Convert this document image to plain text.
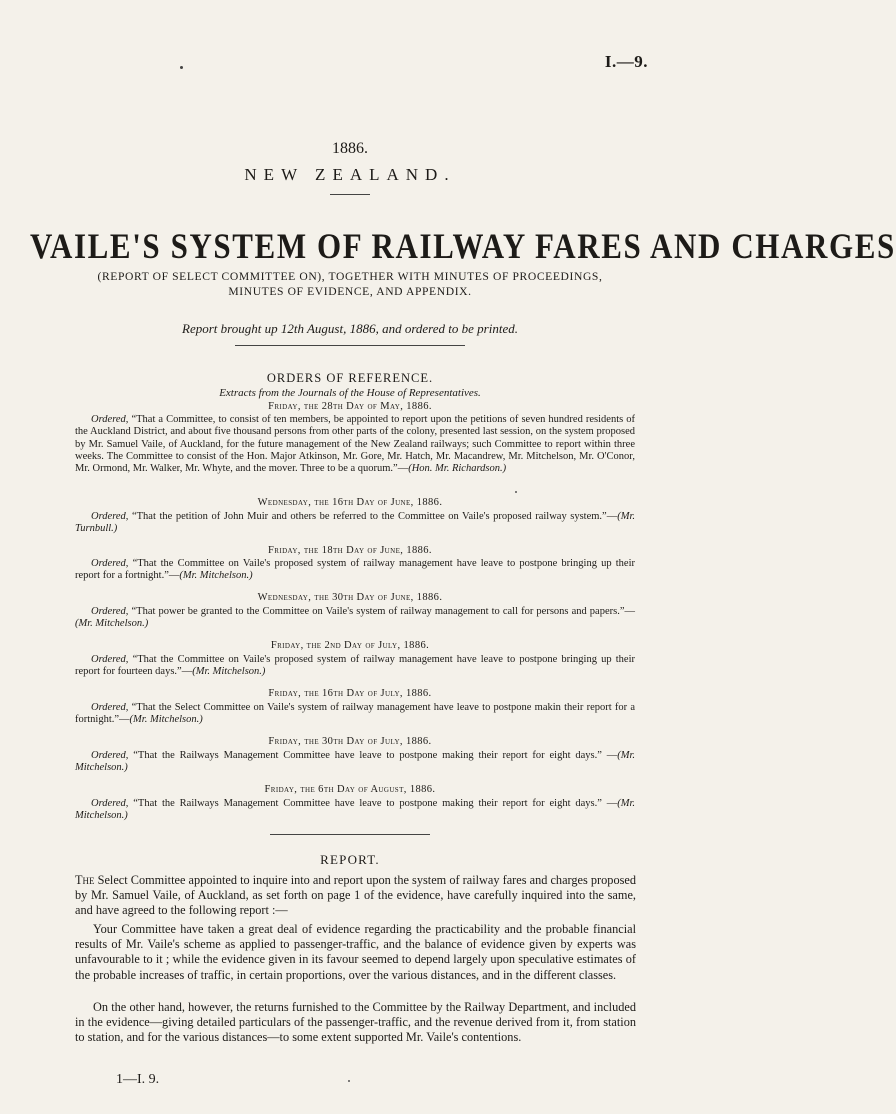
I.—9.
1886.
NEW ZEALAND.
VAILE'S SYSTEM OF RAILWAY FARES AND CHARGES
(REPORT OF SELECT COMMITTEE ON), TOGETHER WITH MINUTES OF PROCEEDINGS,
MINUTES OF EVIDENCE, AND APPENDIX.
Report brought up 12th August, 1886, and ordered to be printed.
ORDERS OF REFERENCE.
Extracts from the Journals of the House of Representatives.
Friday, the 28th Day of May, 1886.
Ordered, “That a Committee, to consist of ten members, be appointed to report upon the petitions of seven hundred residents of the Auckland District, and about five thousand persons from other parts of the colony, presented last session, on the system proposed by Mr. Samuel Vaile, of Auckland, for the future management of the New Zealand railways; such Committee to report within three weeks. The Committee to consist of the Hon. Major Atkinson, Mr. Gore, Mr. Hatch, Mr. Macandrew, Mr. Mitchelson, Mr. O'Conor, Mr. Ormond, Mr. Walker, Mr. Whyte, and the mover. Three to be a quorum.”—(Hon. Mr. Richardson.)
Wednesday, the 16th Day of June, 1886.
Ordered, “That the petition of John Muir and others be referred to the Committee on Vaile's proposed railway system.”—(Mr. Turnbull.)
Friday, the 18th Day of June, 1886.
Ordered, “That the Committee on Vaile's proposed system of railway management have leave to postpone bringing up their report for a fortnight.”—(Mr. Mitchelson.)
Wednesday, the 30th Day of June, 1886.
Ordered, “That power be granted to the Committee on Vaile's system of railway management to call for persons and papers.”—(Mr. Mitchelson.)
Friday, the 2nd Day of July, 1886.
Ordered, “That the Committee on Vaile's proposed system of railway management have leave to postpone bringing up their report for fourteen days.”—(Mr. Mitchelson.)
Friday, the 16th Day of July, 1886.
Ordered, “That the Select Committee on Vaile's system of railway management have leave to postpone makin their report for a fortnight.”—(Mr. Mitchelson.)
Friday, the 30th Day of July, 1886.
Ordered, “That the Railways Management Committee have leave to postpone making their report for eight days.” —(Mr. Mitchelson.)
Friday, the 6th Day of August, 1886.
Ordered, “That the Railways Management Committee have leave to postpone making their report for eight days.” —(Mr. Mitchelson.)
REPORT.
The Select Committee appointed to inquire into and report upon the system of railway fares and charges proposed by Mr. Samuel Vaile, of Auckland, as set forth on page 1 of the evidence, have carefully inquired into the same, and have agreed to the following report :—
Your Committee have taken a great deal of evidence regarding the practicability and the probable financial results of Mr. Vaile's scheme as applied to passenger-traffic, and the balance of evidence given by experts was unfavourable to it ; while the evidence given in its favour seemed to depend largely upon speculative estimates of the probable increases of traffic, in certain proportions, over the various distances, and in the different classes.
On the other hand, however, the returns furnished to the Committee by the Railway Department, and included in the evidence—giving detailed particulars of the passenger-traffic, and the revenue derived from it, from station to station, and for the various distances—to some extent supported Mr. Vaile's contentions.
1—I. 9.
